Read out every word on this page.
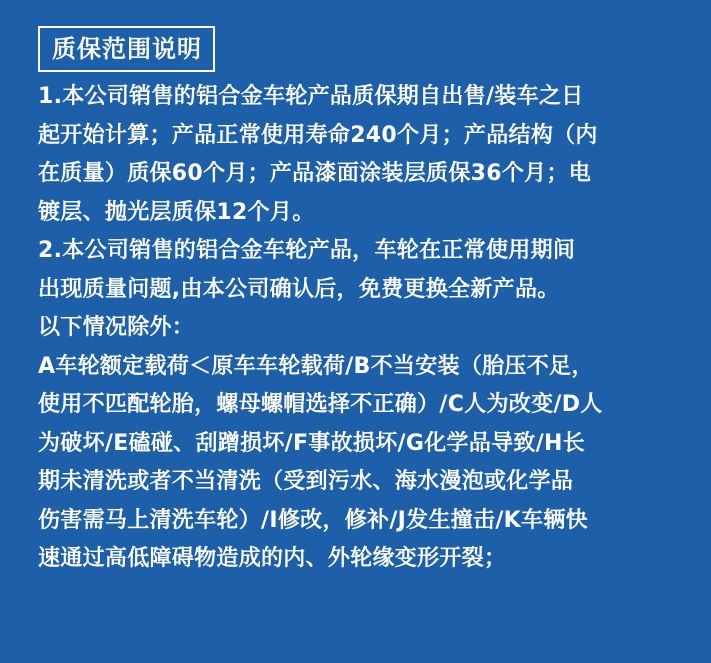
质保范围说明
1.本公司销售的铝合金车轮产品质保期自出售/装车之日
起开始计算；产品正常使用寿命240个月；产品结构（内
在质量）质保60个月；产品漆面涂装层质保36个月；电
镀层、抛光层质保12个月。
2.本公司销售的铝合金车轮产品，车轮在正常使用期间
出现质量问题,由本公司确认后，免费更换全新产品。
以下情况除外：
A车轮额定载荷＜原车车轮载荷/B不当安装（胎压不足，
使用不匹配轮胎，螺母螺帽选择不正确）/C人为改变/D人
为破坏/E磕碰、刮蹭损坏/F事故损坏/G化学品导致/H长
期未清洗或者不当清洗（受到污水、海水漫泡或化学品
伤害需马上清洗车轮）/I修改，修补/J发生撞击/K车辆快
速通过高低障碍物造成的内、外轮缘变形开裂；
